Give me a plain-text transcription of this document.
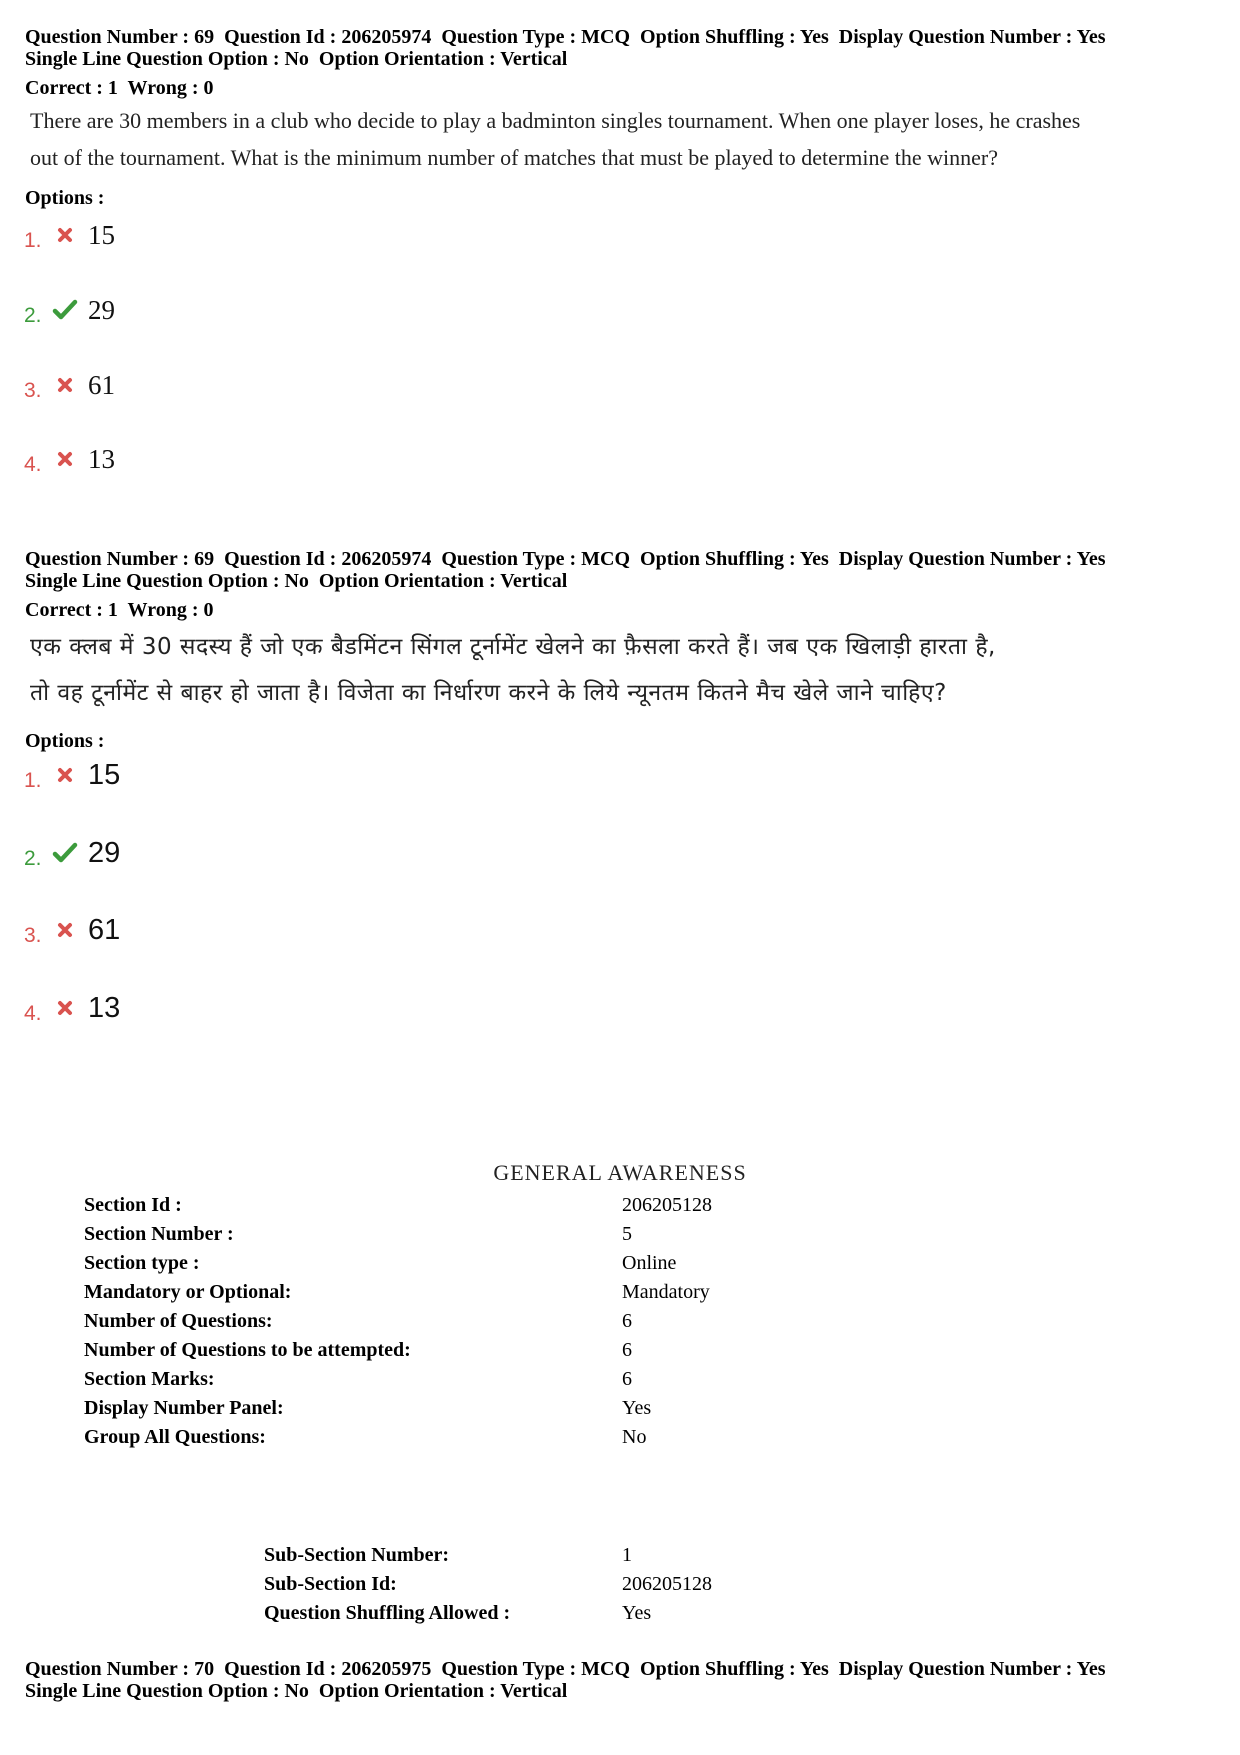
Question Number : 69  Question Id : 206205974  Question Type : MCQ  Option Shuffling : Yes  Display Question Number : Yes
Single Line Question Option : No  Option Orientation : Vertical
Correct : 1  Wrong : 0
There are 30 members in a club who decide to play a badminton singles tournament. When one player loses, he crashes
out of the tournament. What is the minimum number of matches that must be played to determine the winner?
Options :
1.	15
2.	29
3.	61
4.	13
Question Number : 69  Question Id : 206205974  Question Type : MCQ  Option Shuffling : Yes  Display Question Number : Yes
Single Line Question Option : No  Option Orientation : Vertical
Correct : 1  Wrong : 0
एक क्लब में 30 सदस्य हैं जो एक बैडमिंटन सिंगल टूर्नामेंट खेलने का फ़ैसला करते हैं। जब एक खिलाड़ी हारता है,
तो वह टूर्नामेंट से बाहर हो जाता है। विजेता का निर्धारण करने के लिये न्यूनतम कितने मैच खेले जाने चाहिए?
Options :
1. 15
2. 29
3. 61
4. 13
GENERAL AWARENESS
Section Id :	206205128
Section Number :	5
Section type :	Online
Mandatory or Optional:	Mandatory
Number of Questions:	6
Number of Questions to be attempted:	6
Section Marks:	6
Display Number Panel:	Yes
Group All Questions:	No
Sub-Section Number:	1
Sub-Section Id:	206205128
Question Shuffling Allowed :	Yes
Question Number : 70  Question Id : 206205975  Question Type : MCQ  Option Shuffling : Yes  Display Question Number : Yes
Single Line Question Option : No  Option Orientation : Vertical
